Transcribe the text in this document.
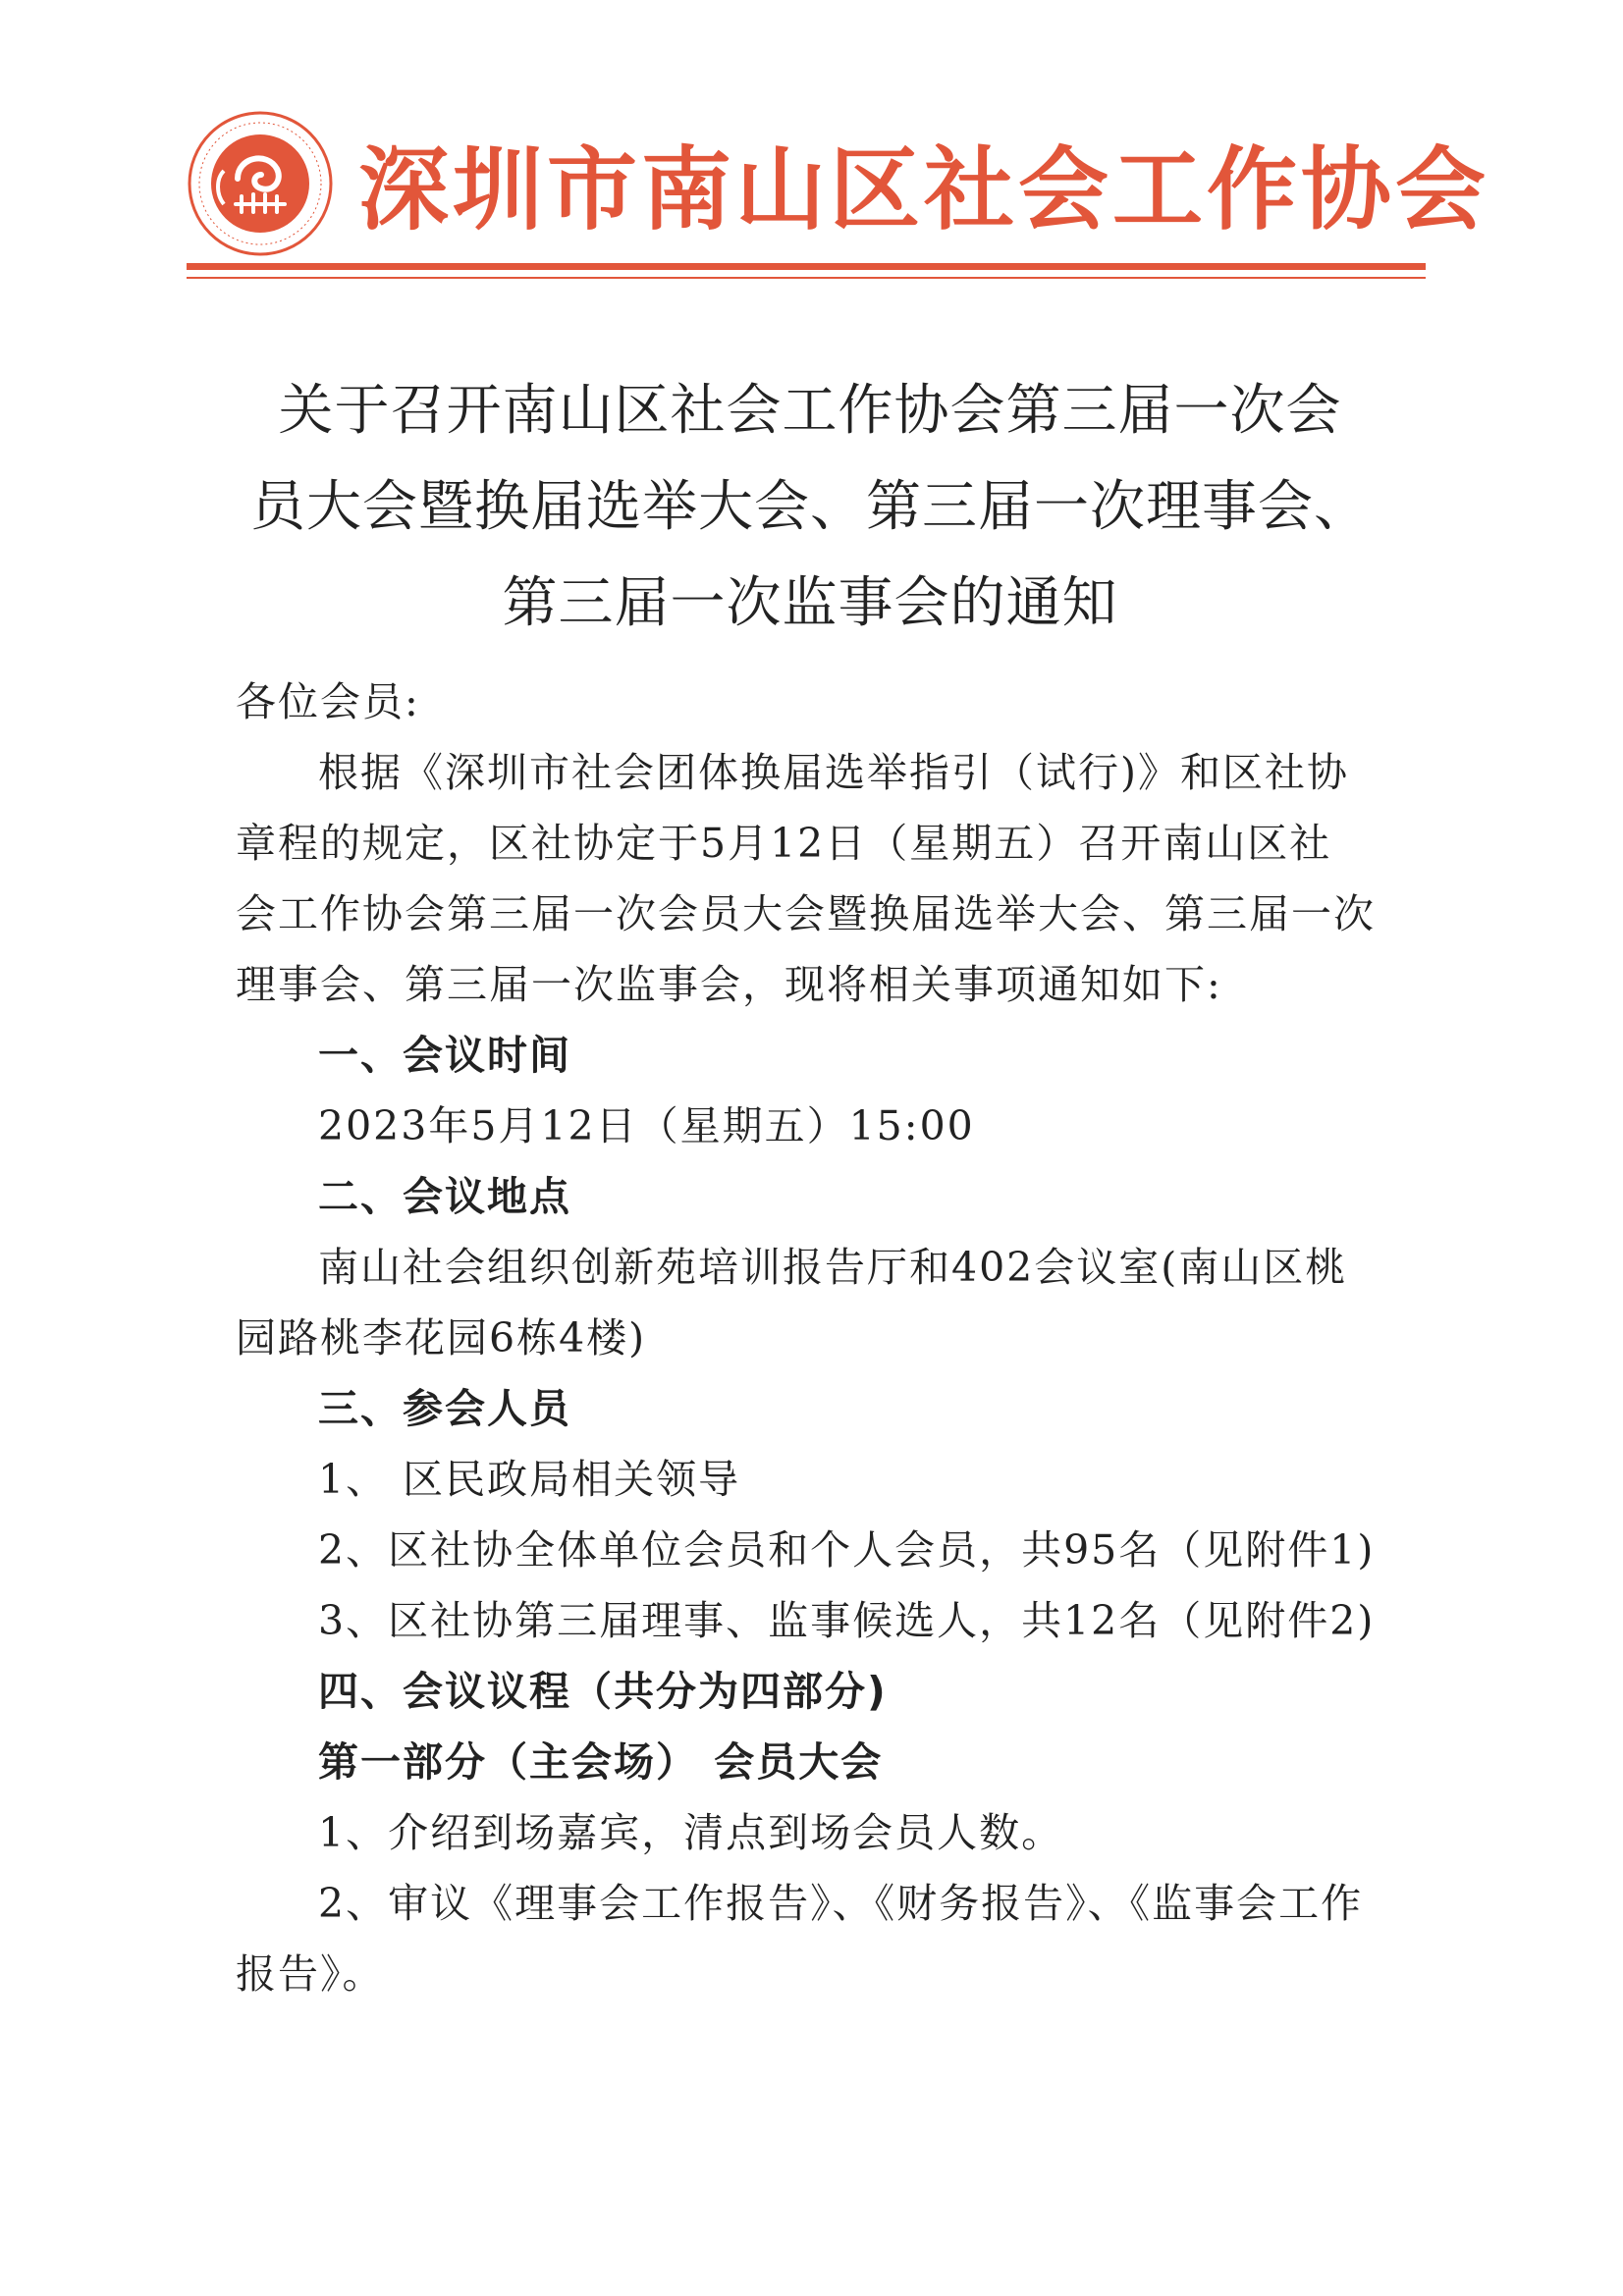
深圳市南山区社会工作协会
关于召开南山区社会工作协会第三届一次会
员大会暨换届选举大会、第三届一次理事会、
第三届一次监事会的通知
各位会员:
根据《深圳市社会团体换届选举指引（试行)》和区社协
章程的规定，区社协定于5月12日（星期五）召开南山区社
会工作协会第三届一次会员大会暨换届选举大会、第三届一次
理事会、第三届一次监事会，现将相关事项通知如下:
一、会议时间
2023年5月12日（星期五）15:00
二、会议地点
南山社会组织创新苑培训报告厅和402会议室(南山区桃
园路桃李花园6栋4楼)
三、参会人员
1、 区民政局相关领导
2、区社协全体单位会员和个人会员，共95名（见附件1)
3、区社协第三届理事、监事候选人，共12名（见附件2)
四、会议议程（共分为四部分)
第一部分（主会场） 会员大会
1、介绍到场嘉宾，清点到场会员人数。
2、审议《理事会工作报告》、《财务报告》、《监事会工作
报告》。
